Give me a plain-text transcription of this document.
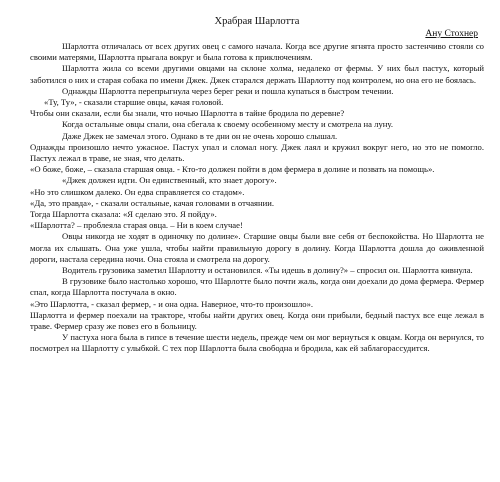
Храбрая Шарлотта
Ану Стохнер

Шарлотта отличалась от всех других овец с самого начала. Когда все другие ягнята просто застенчиво стояли со своими матерями, Шарлотта прыгала вокруг и была готова к приключениям.

Шарлотта жила со всеми другими овцами на склоне холма, недалеко от фермы. У них был пастух, который заботился о них и старая собака по имени Джек. Джек старался держать Шарлотту под контролем, но она его не боялась.

Однажды Шарлотта перепрыгнула через берег реки и пошла купаться в быстром течении.

«Ту, Ту», - сказали старшие овцы, качая головой.

Чтобы они сказали, если бы знали, что ночью Шарлотта в тайне бродила по деревне?

Когда остальные овцы спали, она сбегала к своему особенному месту и смотрела на луну.

Даже Джек не замечал этого. Однако в те дни он не очень хорошо слышал.

Однажды произошло нечто ужасное. Пастух упал и сломал ногу. Джек лаял и кружил вокруг него, но это не помогло. Пастух лежал в траве, не зная, что делать.

«О боже, боже, – сказала старшая овца. - Кто-то должен пойти в дом фермера в долине и позвать на помощь».

«Джек должен идти. Он единственный, кто знает дорогу».

«Но это слишком далеко. Он едва справляется со стадом».

«Да, это правда», - сказали остальные, качая головами в отчаянии.

Тогда Шарлотта сказала: «Я сделаю это. Я пойду».

«Шарлотта? – проблеяла старая овца. – Ни в коем случае!

Овцы никогда не ходят в одиночку по долине». Старшие овцы были вне себя от беспокойства. Но Шарлотта не могла их слышать. Она уже ушла, чтобы найти правильную дорогу в долину. Когда Шарлотта дошла до оживленной дороги, настала середина ночи. Она стояла и смотрела на дорогу.

Водитель грузовика заметил Шарлотту и остановился. «Ты идешь в долину?» – спросил он. Шарлотта кивнула.

В грузовике было настолько хорошо, что Шарлотте было почти жаль, когда они доехали до дома фермера. Фермер спал, когда Шарлотта постучала в окно.

«Это Шарлотта, - сказал фермер, - и она одна. Наверное, что-то произошло».

Шарлотта и фермер поехали на тракторе, чтобы найти других овец. Когда они прибыли, бедный пастух все еще лежал в траве. Фермер сразу же повез его в больницу.

У пастуха нога была в гипсе в течение шести недель, прежде чем он мог вернуться к овцам. Когда он вернулся, то посмотрел на Шарлотту с улыбкой. С тех пор Шарлотта была свободна и бродила, как ей заблагорассудится.
